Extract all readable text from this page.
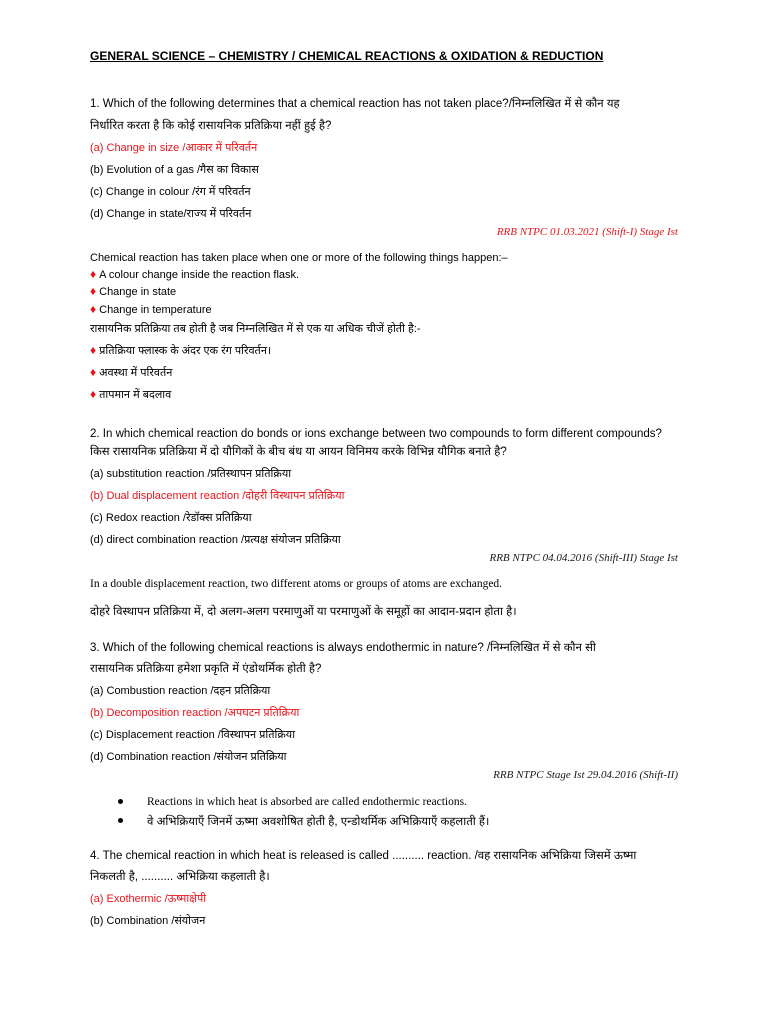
GENERAL SCIENCE – CHEMISTRY / CHEMICAL REACTIONS & OXIDATION & REDUCTION
1. Which of the following determines that a chemical reaction has not taken place?/निम्नलिखित में से कौन यह
निर्धारित करता है कि कोई रासायनिक प्रतिक्रिया नहीं हुई है?
(a) Change in size /आकार में परिवर्तन
(b) Evolution of a gas /गैस का विकास
(c) Change in colour /रंग में परिवर्तन
(d) Change in state/राज्य में परिवर्तन
RRB NTPC 01.03.2021 (Shift-I) Stage Ist
Chemical reaction has taken place when one or more of the following things happen:–
♦ A colour change inside the reaction flask.
♦ Change in state
♦ Change in temperature
रासायनिक प्रतिक्रिया तब होती है जब निम्नलिखित में से एक या अधिक चीजें होती है:-
♦ प्रतिक्रिया फ्लास्क के अंदर एक रंग परिवर्तन।
♦ अवस्था में परिवर्तन
♦ तापमान में बदलाव
2. In which chemical reaction do bonds or ions exchange between two compounds to form different compounds?
किस रासायनिक प्रतिक्रिया में दो यौगिकों के बीच बंध या आयन विनिमय करके विभिन्न यौगिक बनाते है?
(a) substitution reaction /प्रतिस्थापन प्रतिक्रिया
(b) Dual displacement reaction /दोहरी विस्थापन प्रतिक्रिया
(c) Redox reaction /रेडॉक्स प्रतिक्रिया
(d) direct combination reaction /प्रत्यक्ष संयोजन प्रतिक्रिया
RRB NTPC 04.04.2016 (Shift-III) Stage Ist
In a double displacement reaction, two different atoms or groups of atoms are exchanged.
दोहरे विस्थापन प्रतिक्रिया में, दो अलग-अलग परमाणुओं या परमाणुओं के समूहों का आदान-प्रदान होता है।
3. Which of the following chemical reactions is always endothermic in nature? /निम्नलिखित में से कौन सी
रासायनिक प्रतिक्रिया हमेशा प्रकृति में एंडोथर्मिक होती है?
(a) Combustion reaction /दहन प्रतिक्रिया
(b) Decomposition reaction /अपघटन प्रतिक्रिया
(c) Displacement reaction /विस्थापन प्रतिक्रिया
(d) Combination reaction /संयोजन प्रतिक्रिया
RRB NTPC Stage Ist 29.04.2016 (Shift-II)
Reactions in which heat is absorbed are called endothermic reactions.
वे अभिक्रियाएँ जिनमें ऊष्मा अवशोषित होती है, एन्डोथर्मिक अभिक्रियाएँ कहलाती हैं।
4. The chemical reaction in which heat is released is called .......... reaction. /वह रासायनिक अभिक्रिया जिसमें ऊष्मा
निकलती है, .......... अभिक्रिया कहलाती है।
(a) Exothermic /ऊष्माक्षेपी
(b) Combination /संयोजन
